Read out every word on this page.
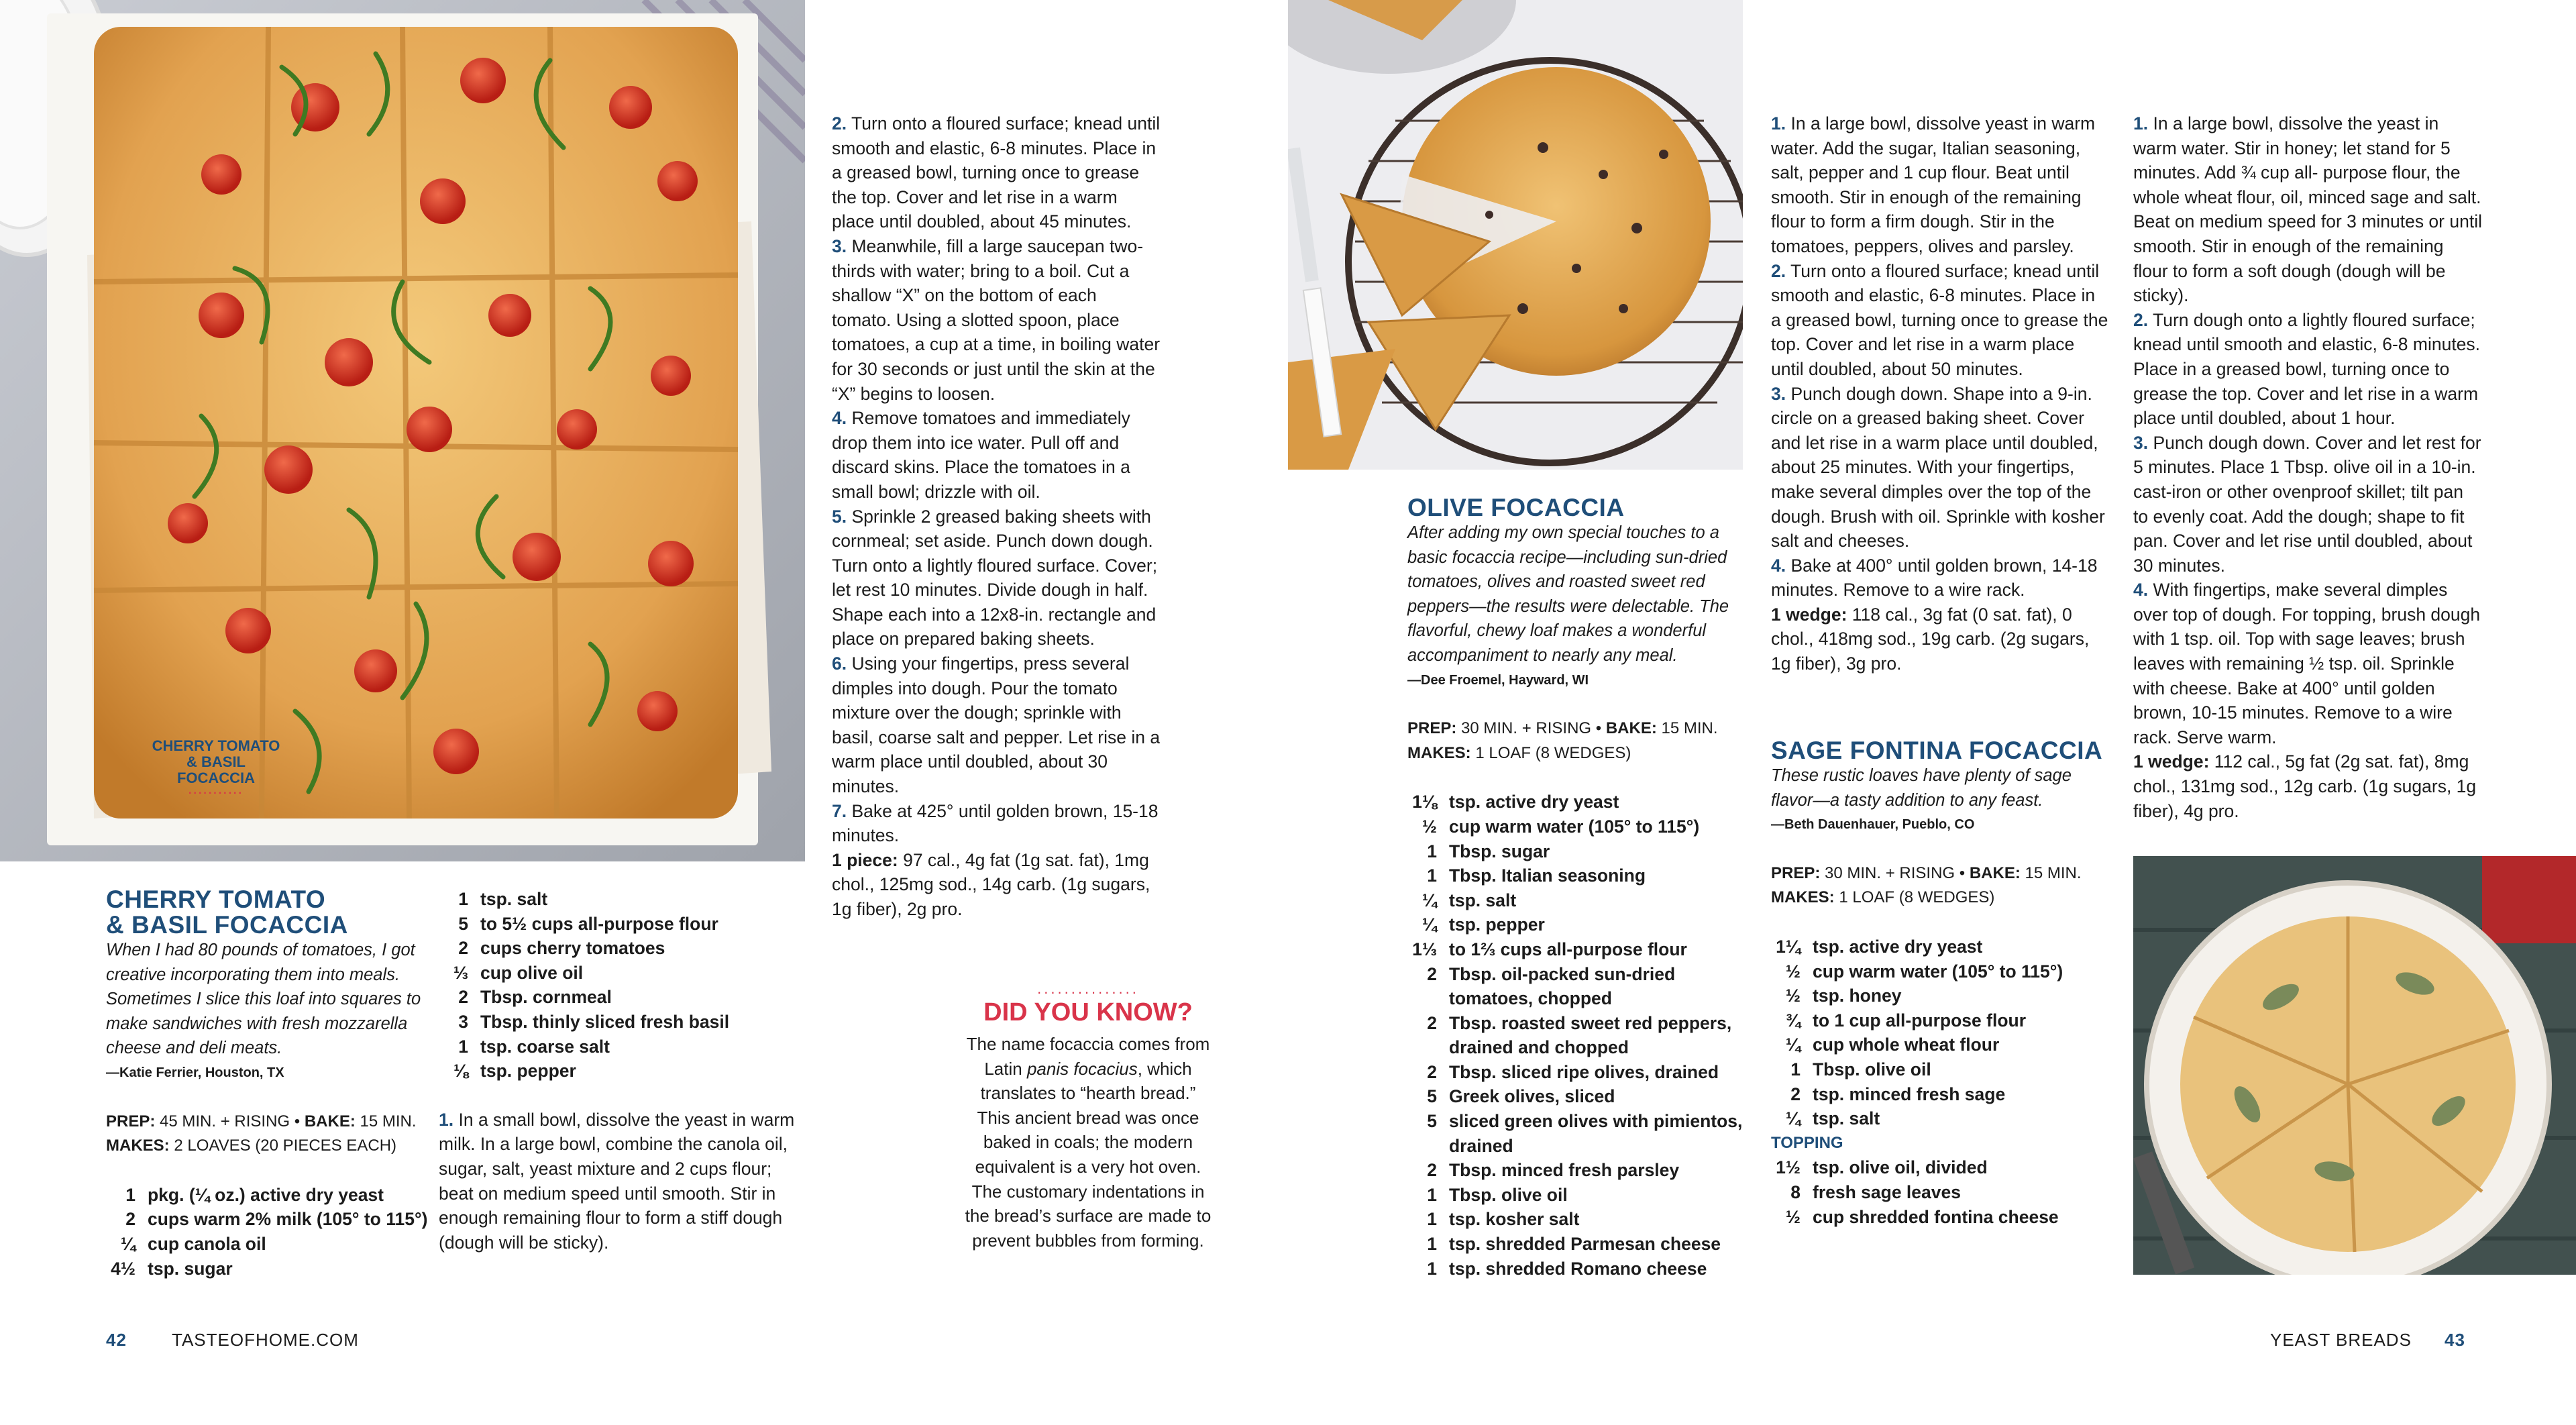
CHERRY TOMATO
& BASIL FOCACCIA
...........
CHERRY TOMATO
& BASIL FOCACCIA

When I had 80 pounds of tomatoes, I got creative incorporating them into meals. Sometimes I slice this loaf into squares to make sandwiches with fresh mozzarella cheese and deli meats.

—Katie Ferrier, Houston, TX

PREP: 45 MIN. + RISING • BAKE: 15 MIN.

MAKES: 2 LOAVES (20 PIECES EACH)

1 pkg. (¼ oz.) active dry yeast
2 cups warm 2% milk (105° to 115°)
¼ cup canola oil
4½ tsp. sugar
1 tsp. salt
5 to 5½ cups all-purpose flour
2 cups cherry tomatoes
⅓ cup olive oil
2 Tbsp. cornmeal
3 Tbsp. thinly sliced fresh basil
1 tsp. coarse salt
⅛ tsp. pepper

1. In a small bowl, dissolve the yeast in warm milk. In a large bowl, combine the canola oil, sugar, salt, yeast mixture and 2 cups flour; beat on medium speed until smooth. Stir in enough remaining flour to form a stiff dough (dough will be sticky).

2. Turn onto a floured surface; knead until smooth and elastic, 6-8 minutes. Place in a greased bowl, turning once to grease the top. Cover and let rise in a warm place until doubled, about 45 minutes.

3. Meanwhile, fill a large saucepan two-thirds with water; bring to a boil. Cut a shallow “X” on the bottom of each tomato. Using a slotted spoon, place tomatoes, a cup at a time, in boiling water for 30 seconds or just until the skin at the “X” begins to loosen.

4. Remove tomatoes and immediately drop them into ice water. Pull off and discard skins. Place the tomatoes in a small bowl; drizzle with oil.

5. Sprinkle 2 greased baking sheets with cornmeal; set aside. Punch down dough. Turn onto a lightly floured surface. Cover; let rest 10 minutes. Divide dough in half. Shape each into a 12x8-in. rectangle and place on prepared baking sheets.

6. Using your fingertips, press several dimples into dough. Pour the tomato mixture over the dough; sprinkle with basil, coarse salt and pepper. Let rise in a warm place until doubled, about 30 minutes.

7. Bake at 425° until golden brown, 15-18 minutes.

1 piece: 97 cal., 4g fat (1g sat. fat), 1mg chol., 125mg sod., 14g carb. (1g sugars, 1g fiber), 2g pro.

...............
DID YOU KNOW?
The name focaccia comes from Latin panis focacius, which translates to “hearth bread.” This ancient bread was once baked in coals; the modern equivalent is a very hot oven. The customary indentations in the bread’s surface are made to prevent bubbles from forming.

OLIVE FOCACCIA

After adding my own special touches to a basic focaccia recipe—including sun-dried tomatoes, olives and roasted sweet red peppers—the results were delectable. The flavorful, chewy loaf makes a wonderful accompaniment to nearly any meal.

—Dee Froemel, Hayward, WI

PREP: 30 MIN. + RISING • BAKE: 15 MIN.

MAKES: 1 LOAF (8 WEDGES)

1⅛ tsp. active dry yeast
½ cup warm water (105° to 115°)
1 Tbsp. sugar
1 Tbsp. Italian seasoning
¼ tsp. salt
¼ tsp. pepper
1⅓ to 1⅔ cups all-purpose flour
2 Tbsp. oil-packed sun-dried tomatoes, chopped
2 Tbsp. roasted sweet red peppers, drained and chopped
2 Tbsp. sliced ripe olives, drained
5 Greek olives, sliced
5 sliced green olives with pimientos, drained
2 Tbsp. minced fresh parsley
1 Tbsp. olive oil
1 tsp. kosher salt
1 tsp. shredded Parmesan cheese
1 tsp. shredded Romano cheese

1. In a large bowl, dissolve yeast in warm water. Add the sugar, Italian seasoning, salt, pepper and 1 cup flour. Beat until smooth. Stir in enough of the remaining flour to form a firm dough. Stir in the tomatoes, peppers, olives and parsley.

2. Turn onto a floured surface; knead until smooth and elastic, 6-8 minutes. Place in a greased bowl, turning once to grease the top. Cover and let rise in a warm place until doubled, about 50 minutes.

3. Punch dough down. Shape into a 9-in. circle on a greased baking sheet. Cover and let rise in a warm place until doubled, about 25 minutes. With your fingertips, make several dimples over the top of the dough. Brush with oil. Sprinkle with kosher salt and cheeses.

4. Bake at 400° until golden brown, 14-18 minutes. Remove to a wire rack.

1 wedge: 118 cal., 3g fat (0 sat. fat), 0 chol., 418mg sod., 19g carb. (2g sugars, 1g fiber), 3g pro.

SAGE FONTINA FOCACCIA

These rustic loaves have plenty of sage flavor—a tasty addition to any feast.

—Beth Dauenhauer, Pueblo, CO

PREP: 30 MIN. + RISING • BAKE: 15 MIN.

MAKES: 1 LOAF (8 WEDGES)

1¼ tsp. active dry yeast
½ cup warm water (105° to 115°)
½ tsp. honey
¾ to 1 cup all-purpose flour
¼ cup whole wheat flour
1 Tbsp. olive oil
2 tsp. minced fresh sage
¼ tsp. salt
TOPPING
1½ tsp. olive oil, divided
8 fresh sage leaves
½ cup shredded fontina cheese

1. In a large bowl, dissolve the yeast in warm water. Stir in honey; let stand for 5 minutes. Add ¾ cup all- purpose flour, the whole wheat flour, oil, minced sage and salt. Beat on medium speed for 3 minutes or until smooth. Stir in enough of the remaining flour to form a soft dough (dough will be sticky).

2. Turn dough onto a lightly floured surface; knead until smooth and elastic, 6-8 minutes. Place in a greased bowl, turning once to grease the top. Cover and let rise in a warm place until doubled, about 1 hour.

3. Punch dough down. Cover and let rest for 5 minutes. Place 1 Tbsp. olive oil in a 10-in. cast-iron or other ovenproof skillet; tilt pan to evenly coat. Add the dough; shape to fit pan. Cover and let rise until doubled, about 30 minutes.

4. With fingertips, make several dimples over top of dough. For topping, brush dough with 1 tsp. oil. Top with sage leaves; brush leaves with remaining ½ tsp. oil. Sprinkle with cheese. Bake at 400° until golden brown, 10-15 minutes. Remove to a wire rack. Serve warm.

1 wedge: 112 cal., 5g fat (2g sat. fat), 8mg chol., 131mg sod., 12g carb. (1g sugars, 1g fiber), 4g pro.

42	TASTEOFHOME.COM	YEAST BREADS 43
